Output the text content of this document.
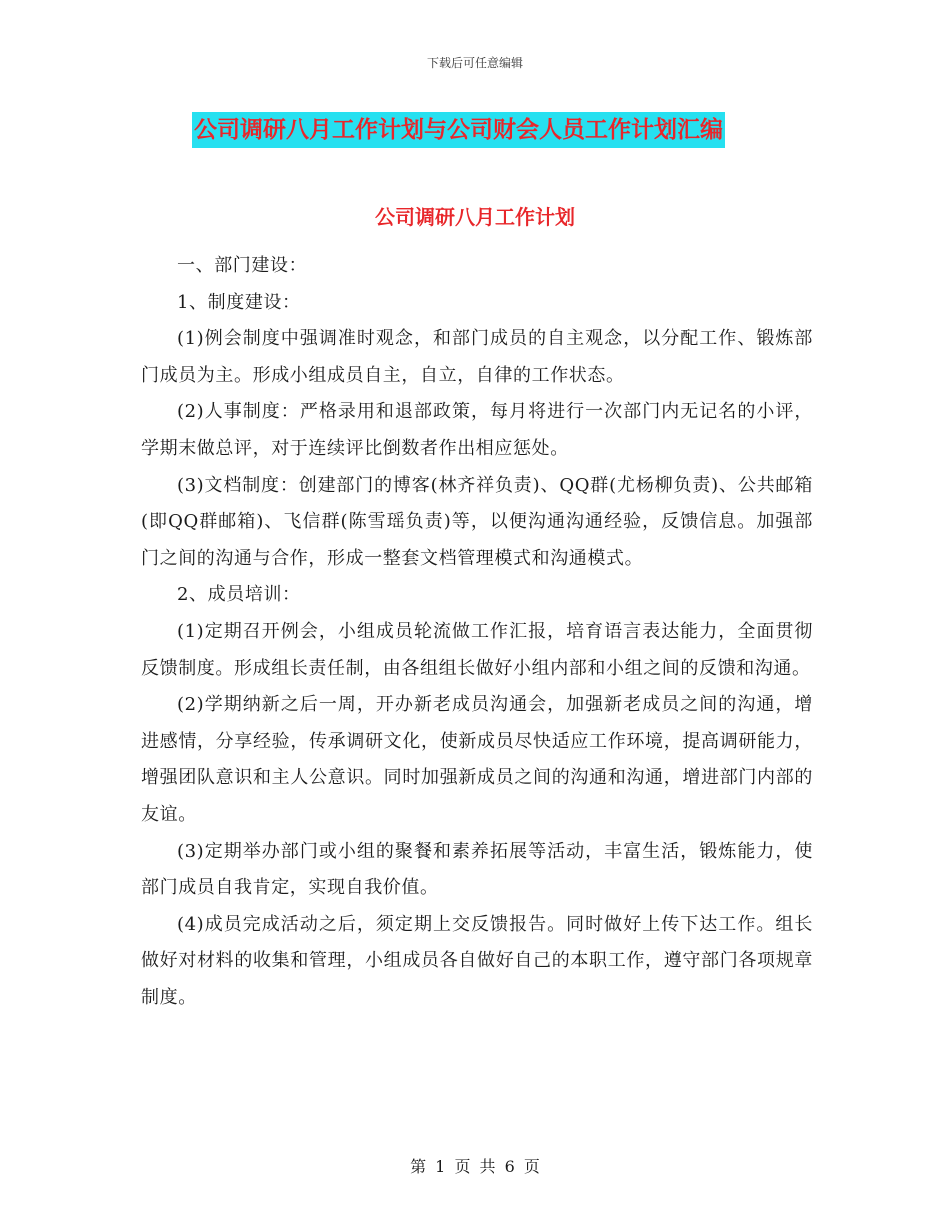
下载后可任意编辑
公司调研八月工作计划与公司财会人员工作计划汇编
公司调研八月工作计划

一、部门建设：

1、制度建设：

(1)例会制度中强调准时观念，和部门成员的自主观念，以分配工作、锻炼部门成员为主。形成小组成员自主，自立，自律的工作状态。

(2)人事制度：严格录用和退部政策，每月将进行一次部门内无记名的小评，学期末做总评，对于连续评比倒数者作出相应惩处。

(3)文档制度：创建部门的博客(林齐祥负责)、QQ群(尤杨柳负责)、公共邮箱(即QQ群邮箱)、飞信群(陈雪瑶负责)等，以便沟通沟通经验，反馈信息。加强部门之间的沟通与合作，形成一整套文档管理模式和沟通模式。

2、成员培训：

(1)定期召开例会，小组成员轮流做工作汇报，培育语言表达能力，全面贯彻反馈制度。形成组长责任制，由各组组长做好小组内部和小组之间的反馈和沟通。

(2)学期纳新之后一周，开办新老成员沟通会，加强新老成员之间的沟通，增进感情，分享经验，传承调研文化，使新成员尽快适应工作环境，提高调研能力，增强团队意识和主人公意识。同时加强新成员之间的沟通和沟通，增进部门内部的友谊。

(3)定期举办部门或小组的聚餐和素养拓展等活动，丰富生活，锻炼能力，使部门成员自我肯定，实现自我价值。

(4)成员完成活动之后，须定期上交反馈报告。同时做好上传下达工作。组长做好对材料的收集和管理，小组成员各自做好自己的本职工作，遵守部门各项规章制度。

第 1 页 共 6 页
